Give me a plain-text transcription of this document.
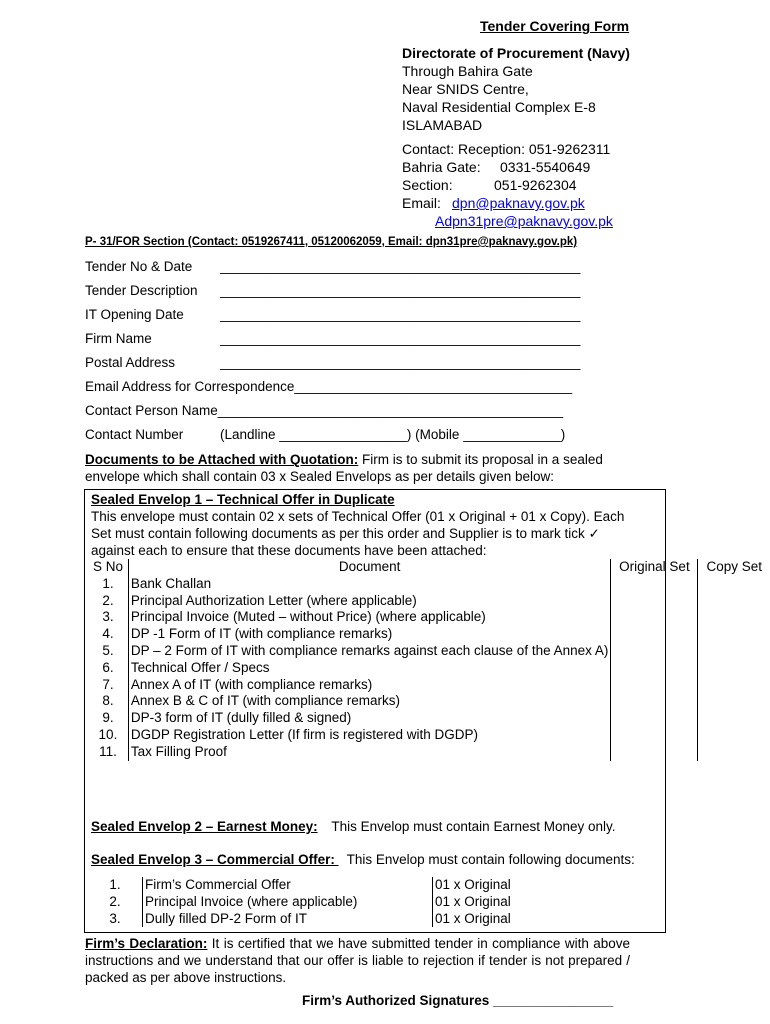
Tender Covering Form
Directorate of Procurement (Navy)
Through Bahira Gate
Near SNIDS Centre,
Naval Residential Complex E-8
ISLAMABAD
Contact: Reception: 051-9262311
Bahria Gate: 0331-5540649
Section:	051-9262304
Email: dpn@paknavy.gov.pk
Adpn31pre@paknavy.gov.pk
P- 31/FOR Section (Contact: 0519267411, 05120062059, Email: dpn31pre@paknavy.gov.pk)
Tender No & Date ________________________________________________
Tender Description ________________________________________________
IT Opening Date	________________________________________________
Firm Name	________________________________________________
Postal Address	________________________________________________
Email Address for Correspondence_____________________________________
Contact Person Name______________________________________________
Contact Number	(Landline _________________) (Mobile _____________)
Documents to be Attached with Quotation: Firm is to submit its proposal in a sealed
envelope which shall contain 03 x Sealed Envelops as per details given below:
Sealed Envelop 1 – Technical Offer in Duplicate
This envelope must contain 02 x sets of Technical Offer (01 x Original + 01 x Copy). Each
Set must contain following documents as per this order and Supplier is to mark tick ✓
against each to ensure that these documents have been attached:
S No	Document	Original Set	Copy Set
1.	Bank Challan		
2.	Principal Authorization Letter (where applicable)		
3.	Principal Invoice (Muted – without Price) (where applicable)		
4.	DP -1 Form of IT (with compliance remarks)		
5.	DP – 2 Form of IT with compliance remarks against each clause of the Annex A)		
6.	Technical Offer / Specs		
7.	Annex A of IT (with compliance remarks)		
8.	Annex B & C of IT (with compliance remarks)		
9.	DP-3 form of IT (dully filled & signed)		
10.	DGDP Registration Letter (If firm is registered with DGDP)		
11.	Tax Filling Proof		
Sealed Envelop 2 – Earnest Money: This Envelop must contain Earnest Money only.
Sealed Envelop 3 – Commercial Offer: This Envelop must contain following documents:
1.	Firm’s Commercial Offer	01 x Original
2.	Principal Invoice (where applicable)	01 x Original
3.	Dully filled DP-2 Form of IT	01 x Original
Firm’s Declaration: It is certified that we have submitted tender in compliance with above instructions and we understand that our offer is liable to rejection if tender is not prepared / packed as per above instructions.
Firm’s Authorized Signatures ________________
